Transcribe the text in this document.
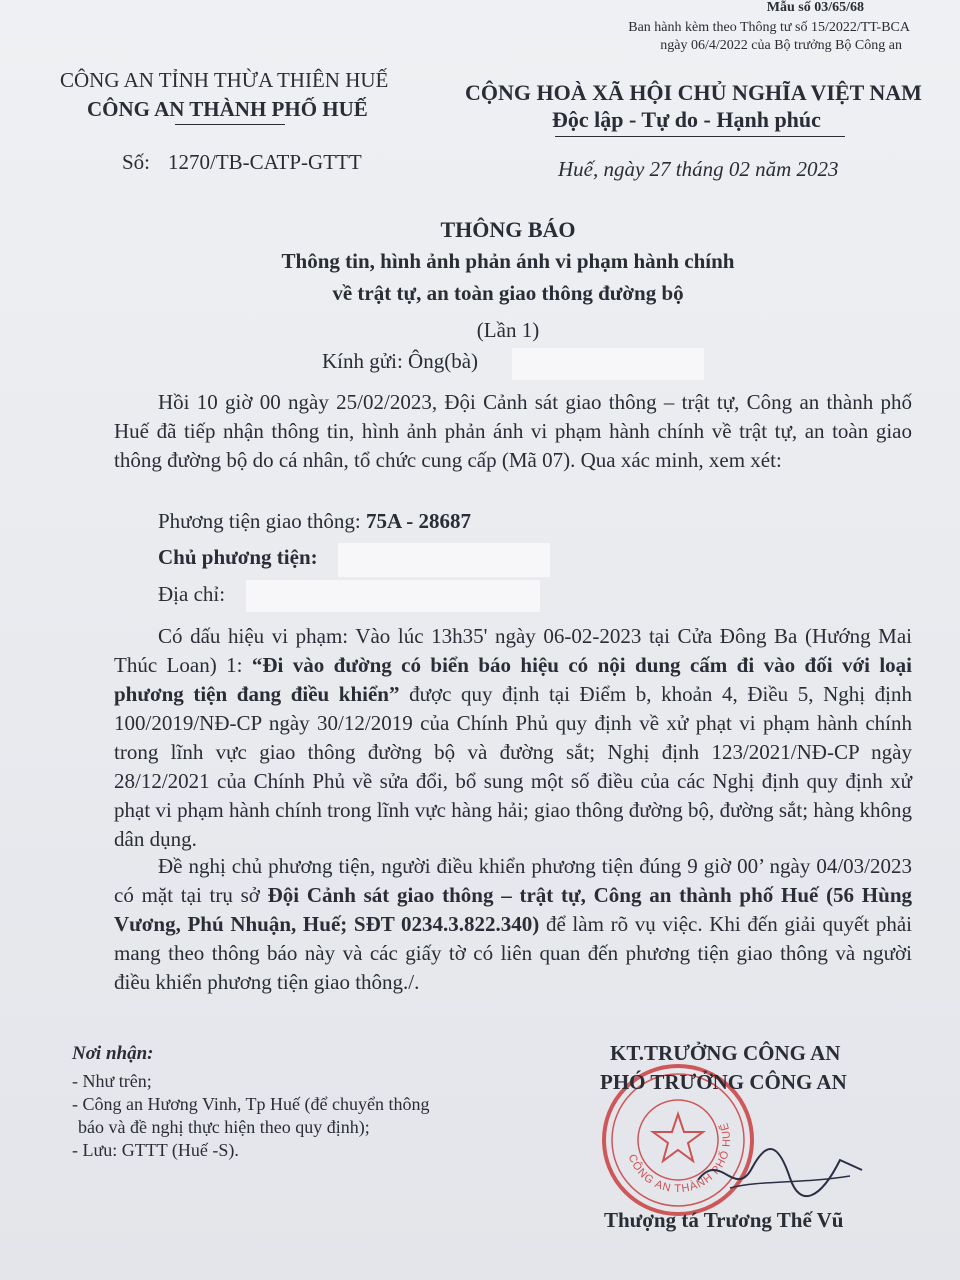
Mẫu số 03/65/68
Ban hành kèm theo Thông tư số 15/2022/TT-BCA
ngày 06/4/2022 của Bộ trưởng Bộ Công an
CÔNG AN TỈNH THỪA THIÊN HUẾ
CÔNG AN THÀNH PHỐ HUẾ
CỘNG HOÀ XÃ HỘI CHỦ NGHĨA VIỆT NAM
Độc lập - Tự do - Hạnh phúc
Số: 1270/TB-CATP-GTTT	Huế, ngày 27 tháng 02 năm 2023
THÔNG BÁO
Thông tin, hình ảnh phản ánh vi phạm hành chính
về trật tự, an toàn giao thông đường bộ
(Lần 1)
Kính gửi: Ông(bà)

Hồi 10 giờ 00 ngày 25/02/2023, Đội Cảnh sát giao thông – trật tự, Công an thành phố Huế đã tiếp nhận thông tin, hình ảnh phản ánh vi phạm hành chính về trật tự, an toàn giao thông đường bộ do cá nhân, tổ chức cung cấp (Mã 07). Qua xác minh, xem xét:

Phương tiện giao thông: 75A - 28687
Chủ phương tiện:
Địa chỉ:

Có dấu hiệu vi phạm: Vào lúc 13h35' ngày 06-02-2023 tại Cửa Đông Ba (Hướng Mai Thúc Loan) 1: “Đi vào đường có biển báo hiệu có nội dung cấm đi vào đối với loại phương tiện đang điều khiển” được quy định tại Điểm b, khoản 4, Điều 5, Nghị định 100/2019/NĐ-CP ngày 30/12/2019 của Chính Phủ quy định về xử phạt vi phạm hành chính trong lĩnh vực giao thông đường bộ và đường sắt; Nghị định 123/2021/NĐ-CP ngày 28/12/2021 của Chính Phủ về sửa đổi, bổ sung một số điều của các Nghị định quy định xử phạt vi phạm hành chính trong lĩnh vực hàng hải; giao thông đường bộ, đường sắt; hàng không dân dụng.

Đề nghị chủ phương tiện, người điều khiển phương tiện đúng 9 giờ 00’ ngày 04/03/2023 có mặt tại trụ sở Đội Cảnh sát giao thông – trật tự, Công an thành phố Huế (56 Hùng Vương, Phú Nhuận, Huế; SĐT 0234.3.822.340) để làm rõ vụ việc. Khi đến giải quyết phải mang theo thông báo này và các giấy tờ có liên quan đến phương tiện giao thông và người điều khiển phương tiện giao thông./.

Nơi nhận:
- Như trên;
- Công an Hương Vinh, Tp Huế (để chuyển thông
báo và đề nghị thực hiện theo quy định);
- Lưu: GTTT (Huế -S).	CÔNG AN THÀNH PHỐ HUẾ
KT.TRƯỞNG CÔNG AN
PHÓ TRƯỞNG CÔNG AN
Thượng tá Trương Thế Vũ
